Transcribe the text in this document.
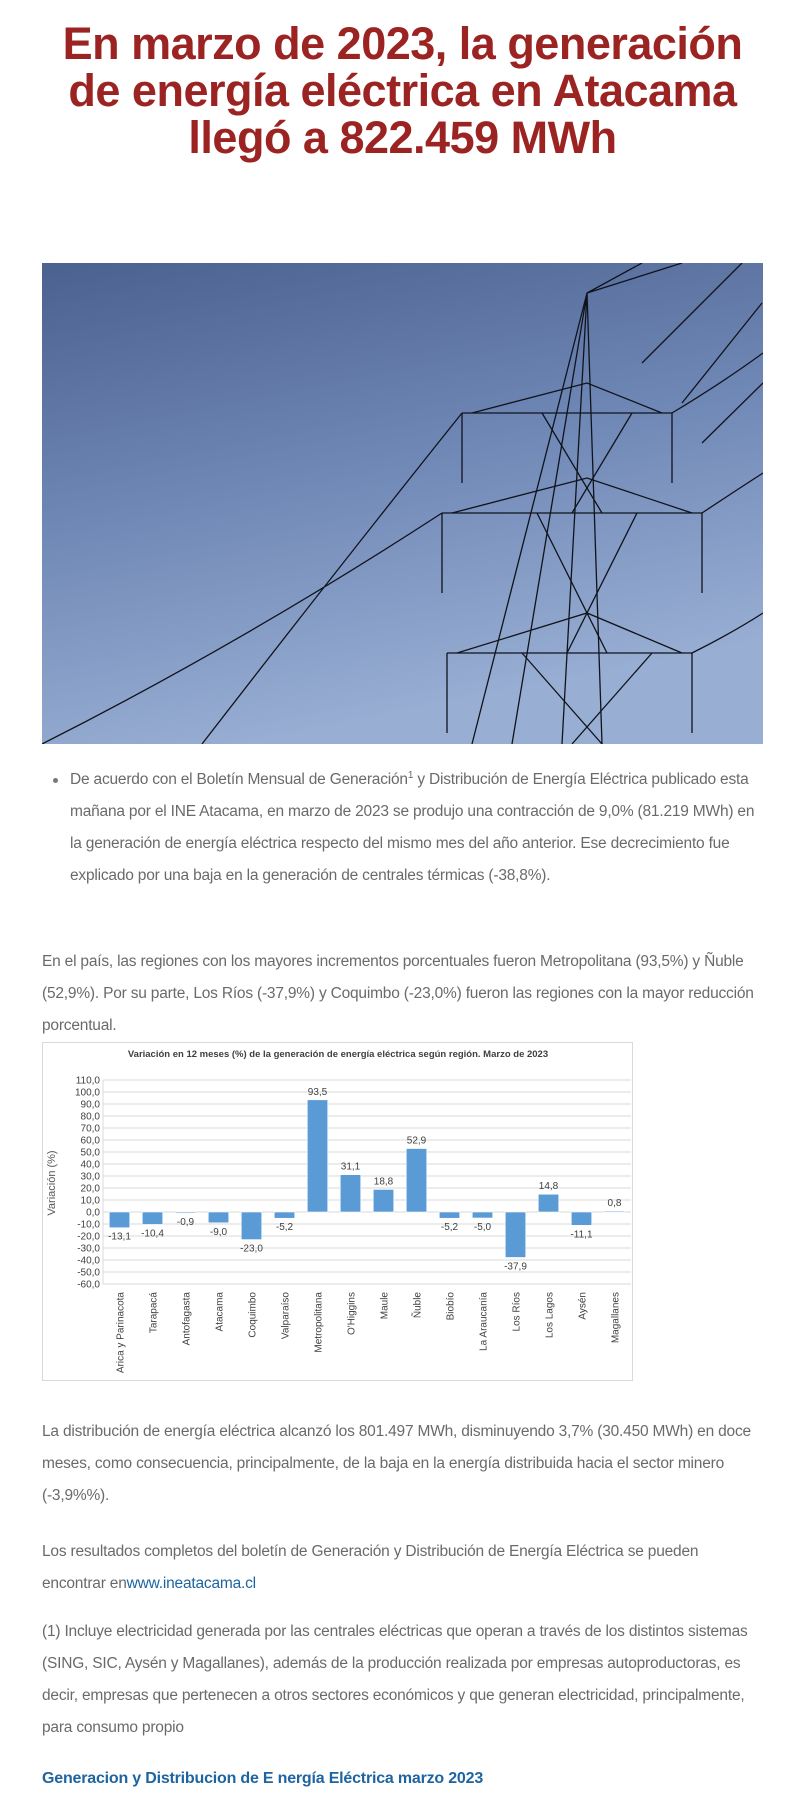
En marzo de 2023, la generación de energía eléctrica en Atacama llegó a 822.459 MWh
De acuerdo con el Boletín Mensual de Generación$^1$ y Distribución de Energía Eléctrica publicado esta mañana por el INE Atacama, en marzo de 2023 se produjo una contracción de 9,0% (81.219 MWh) en la generación de energía eléctrica respecto del mismo mes del año anterior. Ese decrecimiento fue explicado por una baja en la generación de centrales térmicas (-38,8%).

En el país, las regiones con los mayores incrementos porcentuales fueron Metropolitana (93,5%) y Ñuble (52,9%). Por su parte, Los Ríos (-37,9%) y Coquimbo (-23,0%) fueron las regiones con la mayor reducción porcentual.

Variación en 12 meses (%) de la generación de energía eléctrica según región. Marzo de 2023
Variación (%)
110,0
100,0
90,0
80,0
70,0
60,0
50,0
40,0
30,0
20,0
10,0
0,0
-10,0
-20,0
-30,0
-40,0
-50,0
-60,0
-13,1
Arica y Parinacota
-10,4
Tarapacá
-0,9
Antofagasta
-9,0
Atacama
-23,0
Coquimbo
-5,2
Valparaíso
93,5
Metropolitana
31,1
O'Higgins
18,8
Maule
52,9
Ñuble
-5,2
Biobío
-5,0
La Araucanía
-37,9
Los Ríos
14,8
Los Lagos
-11,1
Aysén
0,8
Magallanes

La distribución de energía eléctrica alcanzó los 801.497 MWh, disminuyendo 3,7% (30.450 MWh) en doce meses, como consecuencia, principalmente, de la baja en la energía distribuida hacia el sector minero (-3,9%%).

Los resultados completos del boletín de Generación y Distribución de Energía Eléctrica se pueden encontrar enwww.ineatacama.cl

(1) Incluye electricidad generada por las centrales eléctricas que operan a través de los distintos sistemas (SING, SIC, Aysén y Magallanes), además de la producción realizada por empresas autoproductoras, es decir, empresas que pertenecen a otros sectores económicos y que generan electricidad, principalmente, para consumo propio

Generacion y Distribucion de E nergía Eléctrica marzo 2023
